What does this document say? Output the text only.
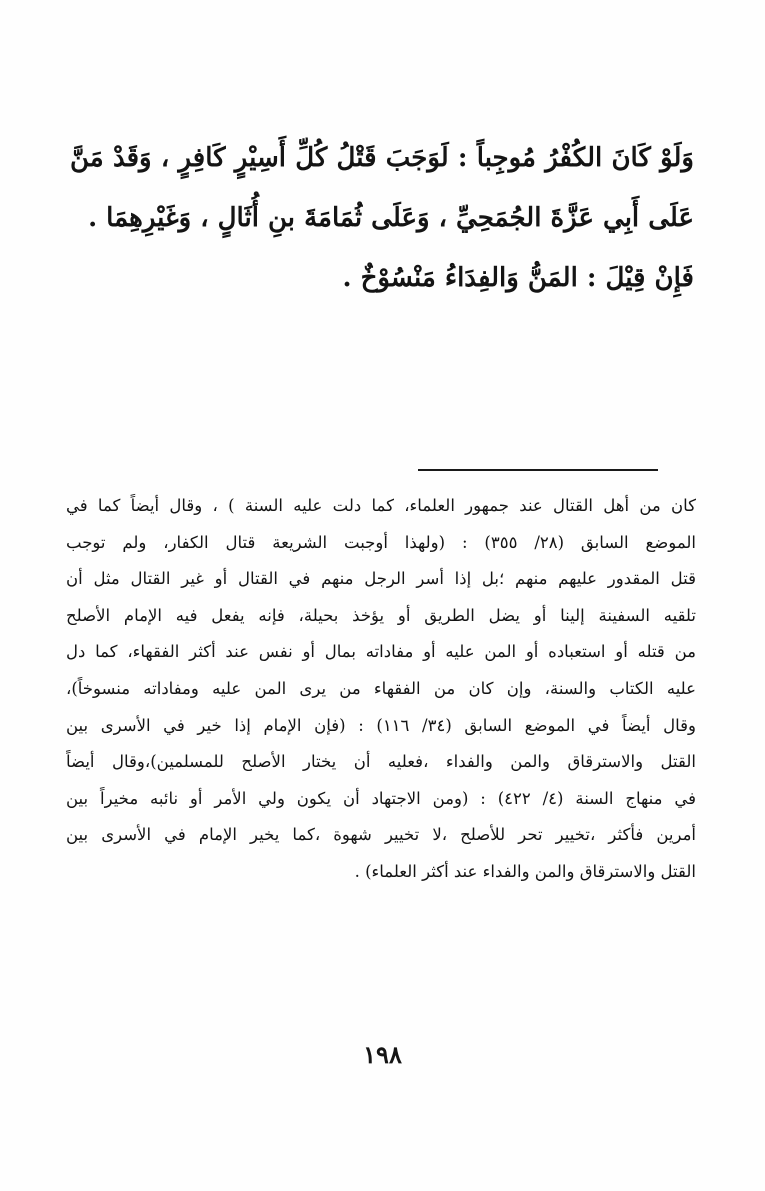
وَلَوْ كَانَ الكُفْرُ مُوجِباً : لَوَجَبَ قَتْلُ كُلِّ أَسِيْرٍ كَافِرٍ ، وَقَدْ مَنَّ
عَلَى أَبِي عَزَّةَ الجُمَحِيِّ ، وَعَلَى ثُمَامَةَ بنِ أُثَالٍ ، وَغَيْرِهِمَا .
فَإِنْ قِيْلَ : المَنُّ وَالفِدَاءُ مَنْسُوْخٌ .
كان من أهل القتال عند جمهور العلماء، كما دلت عليه السنة ) ، وقال أيضاً كما في
الموضع السابق (٢٨/ ٣٥٥) : (ولهذا أوجبت الشريعة قتال الكفار، ولم توجب
قتل المقدور عليهم منهم ؛بل إذا أسر الرجل منهم في القتال أو غير القتال مثل أن
تلقيه السفينة إلينا أو يضل الطريق أو يؤخذ بحيلة، فإنه يفعل فيه الإمام الأصلح
من قتله أو استعباده أو المن عليه أو مفاداته بمال أو نفس عند أكثر الفقهاء، كما دل
عليه الكتاب والسنة، وإن كان من الفقهاء من يرى المن عليه ومفاداته منسوخاً)،
وقال أيضاً في الموضع السابق (٣٤/ ١١٦) : (فإن الإمام إذا خير في الأسرى بين
القتل والاسترقاق والمن والفداء ،فعليه أن يختار الأصلح للمسلمين)،وقال أيضاً
في منهاج السنة (٤/ ٤٢٢) : (ومن الاجتهاد أن يكون ولي الأمر أو نائبه مخيراً بين
أمرين فأكثر ،تخيير تحر للأصلح ،لا تخيير شهوة ،كما يخير الإمام في الأسرى بين
القتل والاسترقاق والمن والفداء عند أكثر العلماء) .
١٩٨
